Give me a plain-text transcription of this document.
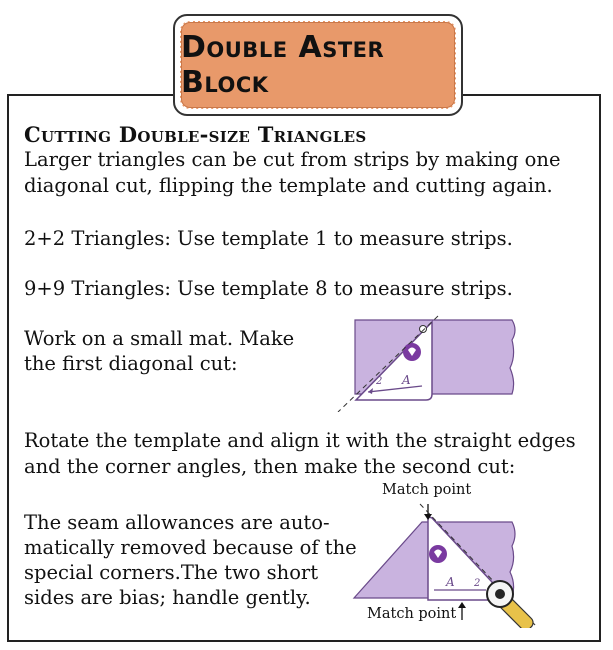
Double Aster Block
Cutting Double-size Triangles
Larger triangles can be cut from strips by making one
diagonal cut, flipping the template and cutting again.
2+2 Triangles: Use template 1 to measure strips.
9+9 Triangles: Use template 8 to measure strips.
Work on a small mat. Make
the first diagonal cut:
A
2
Rotate the template and align it with the straight edges
and the corner angles, then make the second cut:
The seam allowances are auto-
matically removed because of the
special corners.The two short
sides are bias; handle gently.
Match point
Match point
A 2
